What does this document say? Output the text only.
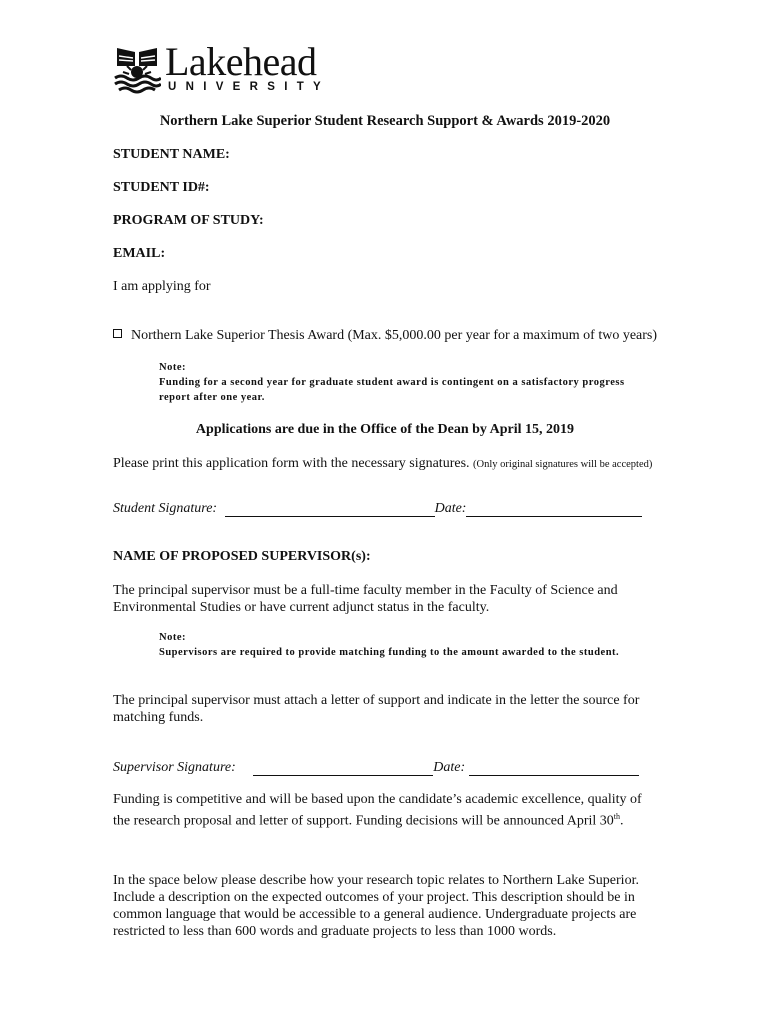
Lakehead
UNIVERSITY
Northern Lake Superior Student Research Support & Awards 2019-2020
STUDENT NAME:
STUDENT ID#:
PROGRAM OF STUDY:
EMAIL:
I am applying for
Northern Lake Superior Thesis Award (Max. $5,000.00 per year for a maximum of two years)
Note:
Funding for a second year for graduate student award is contingent on a satisfactory progress report after one year.
Applications are due in the Office of the Dean by April 15, 2019
Please print this application form with the necessary signatures. (Only original signatures will be accepted)
Student Signature:	Date:
NAME OF PROPOSED SUPERVISOR(s):
The principal supervisor must be a full-time faculty member in the Faculty of Science and Environmental Studies or have current adjunct status in the faculty.
Note:
Supervisors are required to provide matching funding to the amount awarded to the student.
The principal supervisor must attach a letter of support and indicate in the letter the source for matching funds.
Supervisor Signature:	Date:
Funding is competitive and will be based upon the candidate’s academic excellence, quality of the research proposal and letter of support. Funding decisions will be announced April 30th.
In the space below please describe how your research topic relates to Northern Lake Superior. Include a description on the expected outcomes of your project. This description should be in common language that would be accessible to a general audience. Undergraduate projects are restricted to less than 600 words and graduate projects to less than 1000 words.
